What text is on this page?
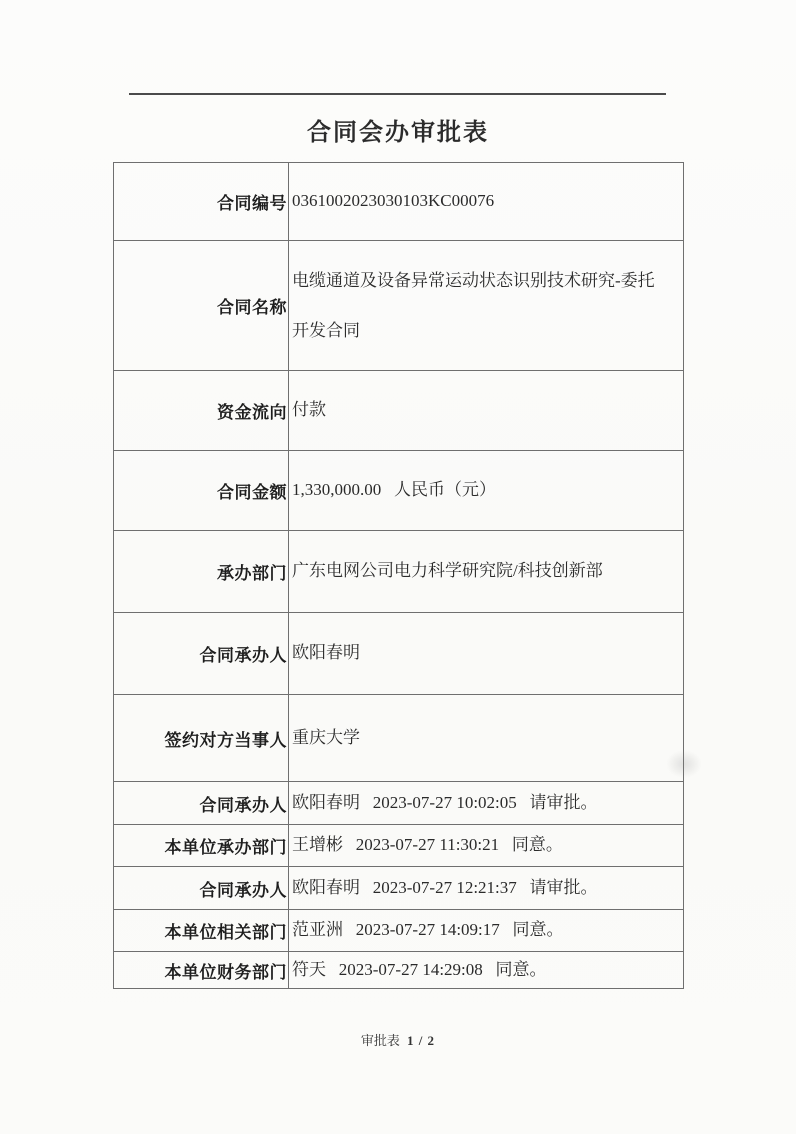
合同会办审批表
合同编号	0361002023030103KC00076
合同名称	电缆通道及设备异常运动状态识别技术研究-委托开发合同
资金流向	付款
合同金额	1,330,000.00   人民币（元）
承办部门	广东电网公司电力科学研究院/科技创新部
合同承办人	欧阳春明
签约对方当事人	重庆大学
合同承办人	欧阳春明   2023-07-27 10:02:05   请审批。
本单位承办部门	王增彬   2023-07-27 11:30:21   同意。
合同承办人	欧阳春明   2023-07-27 12:21:37   请审批。
本单位相关部门	范亚洲   2023-07-27 14:09:17   同意。
本单位财务部门	符天   2023-07-27 14:29:08   同意。
审批表 1 / 2
